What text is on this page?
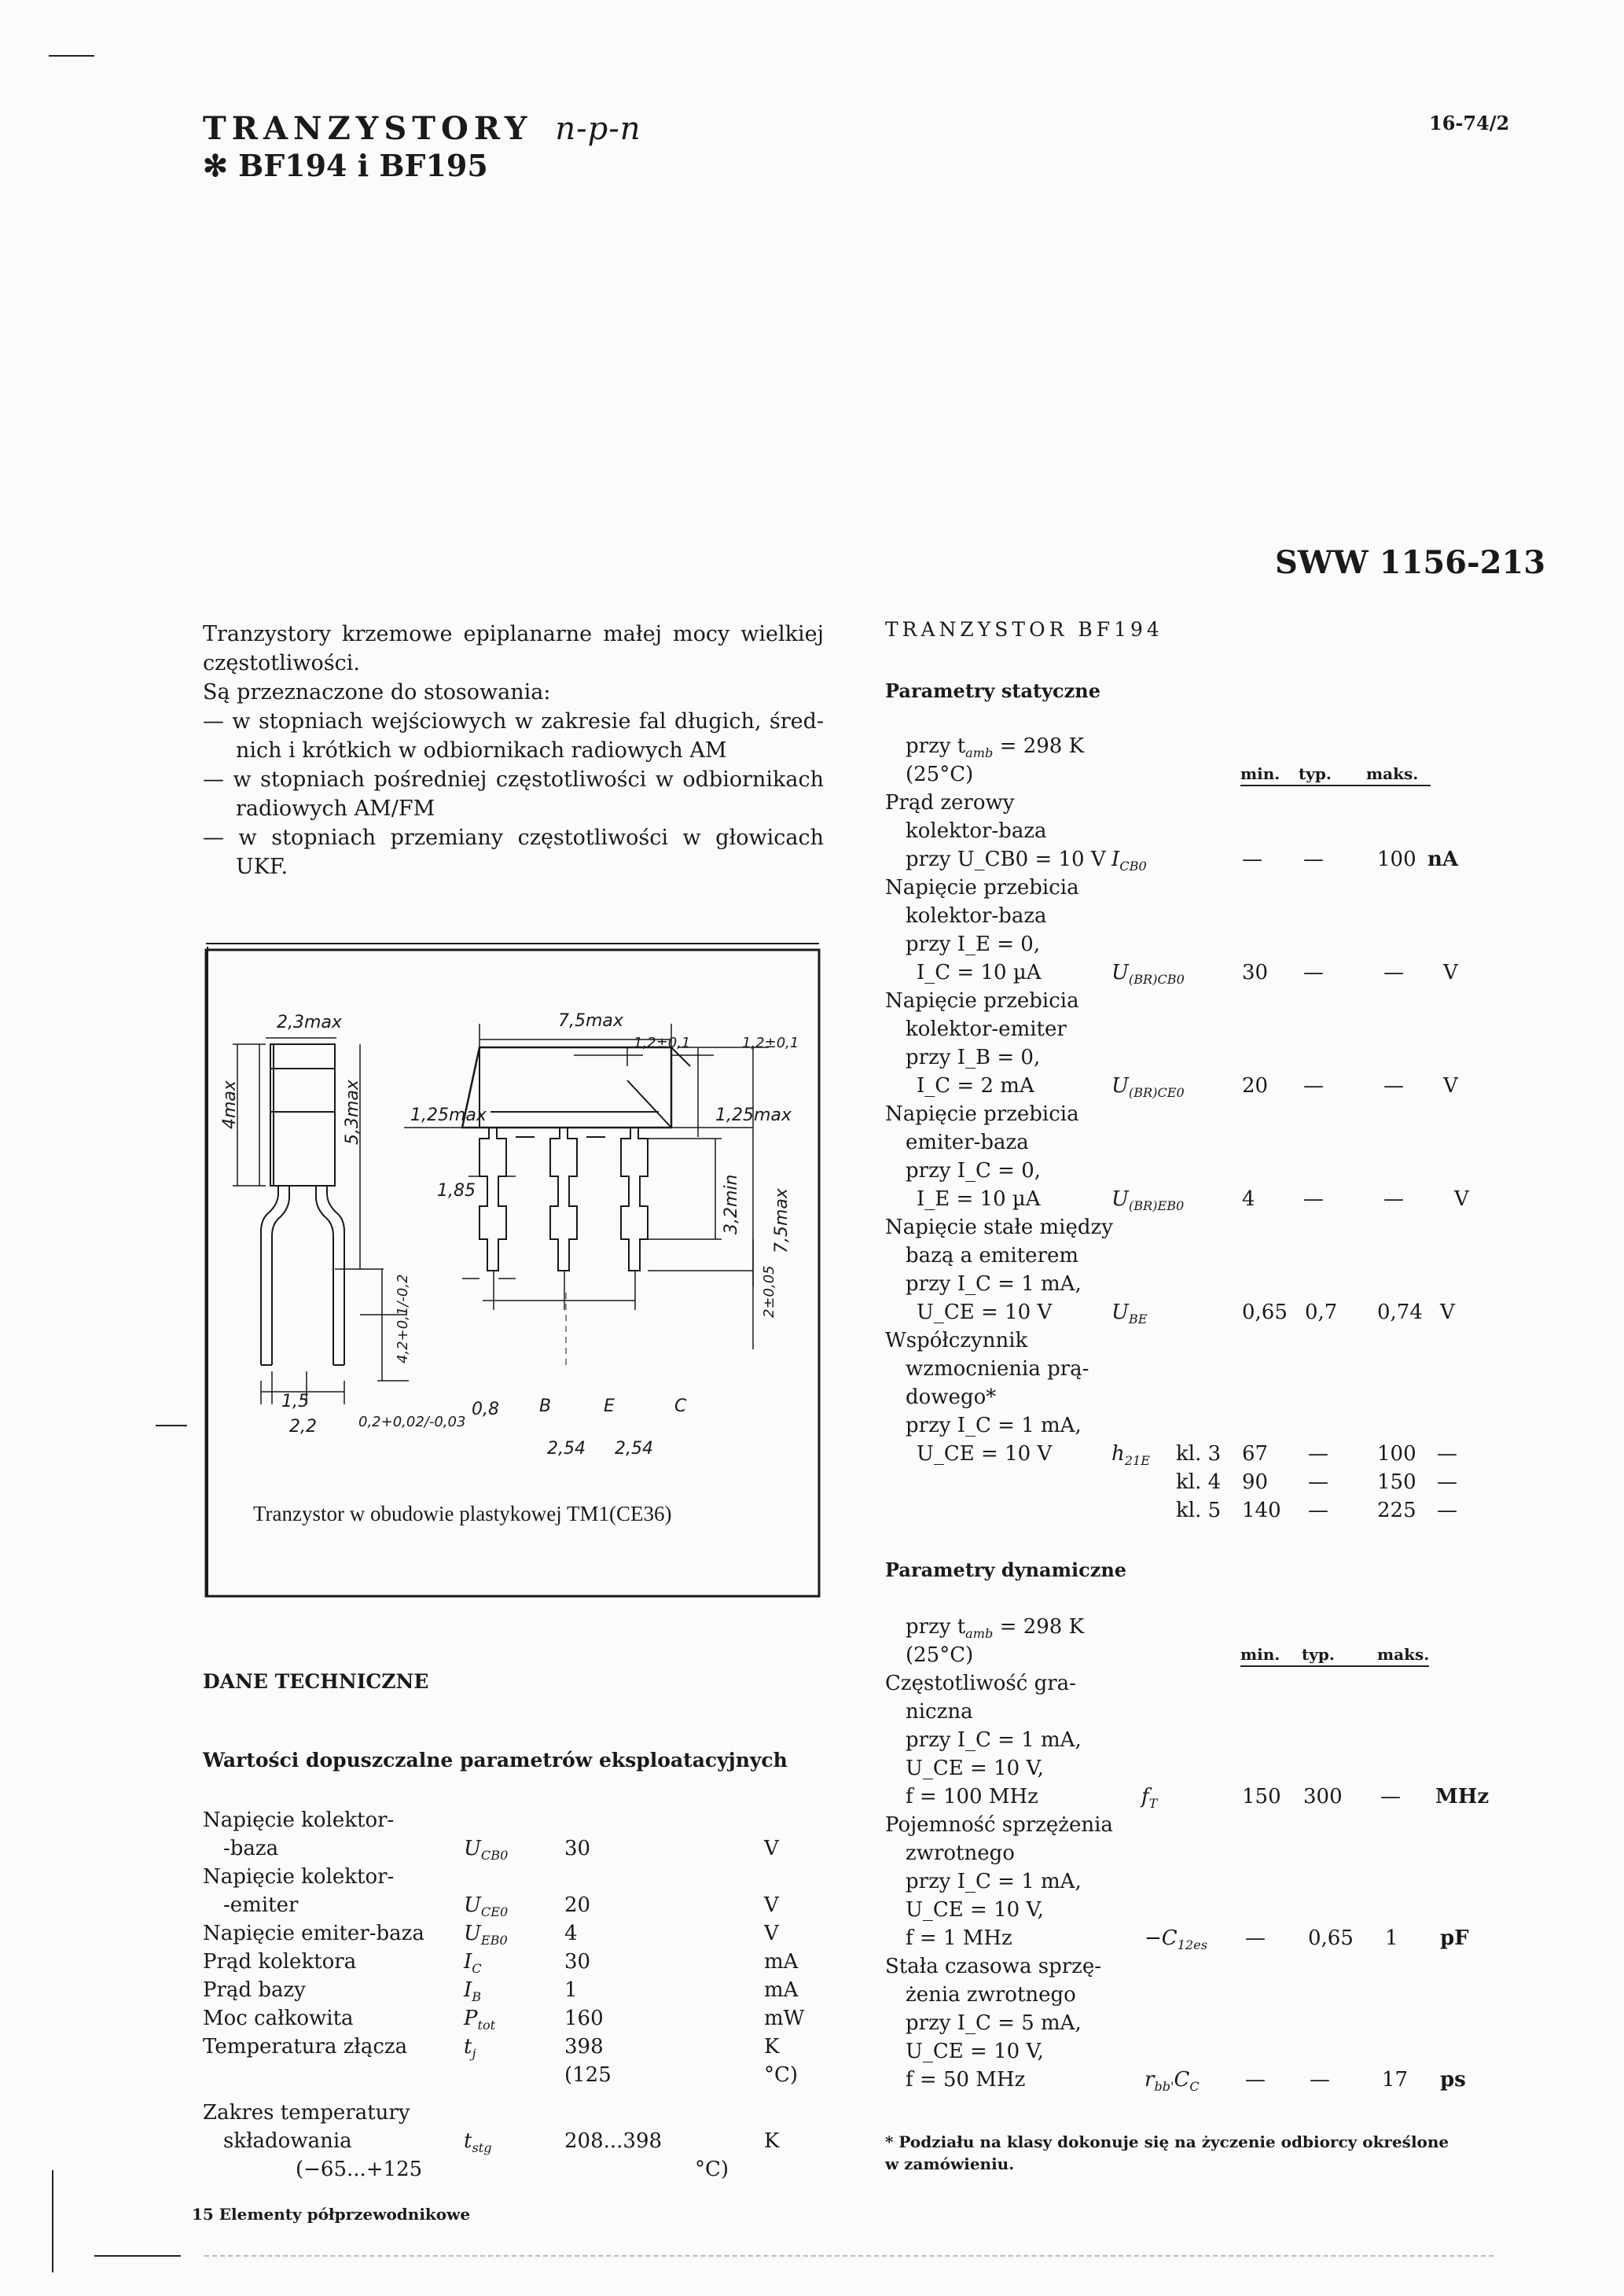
TRANZYSTORY n-p-n
✻ BF194 i BF195
16-74/2
SWW 1156-213
Tranzystory krzemowe epiplanarne małej mocy wielkiej
częstotliwości.
Są przeznaczone do stosowania:
— w stopniach wejściowych w zakresie fal długich, śred-
nich i krótkich w odbiornikach radiowych AM
— w stopniach pośredniej częstotliwości w odbiornikach
radiowych AM/FM
— w stopniach przemiany częstotliwości w głowicach
UKF.
2,3max
4max	5,3max
7,5max
1,2±0,1	1,2±0,1
1,25max	1,25max
7,5max
1,85	3,2min
4,2+0,1/-0,2	2±0,05
1,5
2,2	0,2+0,02/-0,03
0,8
2,54 2,54
B	E	C
Tranzystor w obudowie plastykowej TM1(CE36)
DANE TECHNICZNE
Wartości dopuszczalne parametrów eksploatacyjnych
Napięcie kolektor-
-baza	$U_{CB0}$	30	V
Napięcie kolektor-
-emiter	$U_{CE0}$	20	V
Napięcie emiter-baza $U_{EB0}$	4	V
Prąd kolektora	$I_C$	30	mA
Prąd bazy	$I_B$	1	mA
Moc całkowita	$P_{tot}$	160	mW
Temperatura złącza	$t_j$	398	K
(125	°C)
Zakres temperatury
składowania	$t_{stg}$	208...398	K
(−65...+125	°C)
15 Elementy półprzewodnikowe
TRANZYSTOR BF194
Parametry statyczne
przy $t_{amb} = 298$ K
(25°C)	min. typ. maks.
Prąd zerowy
kolektor-baza
przy U_CB0 = 10 V $I_{CB0}$	— —	100 nA
Napięcie przebicia
kolektor-baza
przy I_E = 0,
I_C = 10 µA	$U_{(BR)CB0}$	30 —	— V
Napięcie przebicia
kolektor-emiter
przy I_B = 0,
I_C = 2 mA	$U_{(BR)CE0}$	20 —	— V
Napięcie przebicia
emiter-baza
przy I_C = 0,
I_E = 10 µA	$U_{(BR)EB0}$	4 —	— V
Napięcie stałe między
bazą a emiterem
przy I_C = 1 mA,
U_CE = 10 V	$U_{BE}$	0,65 0,7 0,74 V
Współczynnik
wzmocnienia prą-
dowego*
przy I_C = 1 mA,
U_CE = 10 V	$h_{21E}$ kl. 3 67 — 100 —
kl. 4 90 — 150 —
kl. 5 140 — 225 —
Parametry dynamiczne
przy $t_{amb} = 298$ K
(25°C)	min. typ.	maks.
Częstotliwość gra-
niczna
przy I_C = 1 mA,
U_CE = 10 V,
f = 100 MHz	$f_T$	150 300 — MHz
Pojemność sprzężenia
zwrotnego
przy I_C = 1 mA,
U_CE = 10 V,
f = 1 MHz	$-C_{12es}$ — 0,65 1 pF
Stała czasowa sprzę-
żenia zwrotnego
przy I_C = 5 mA,
U_CE = 10 V,
f = 50 MHz	$r_{bb'}C_C$ — —	17 ps
* Podziału na klasy dokonuje się na życzenie odbiorcy określone
w zamówieniu.
